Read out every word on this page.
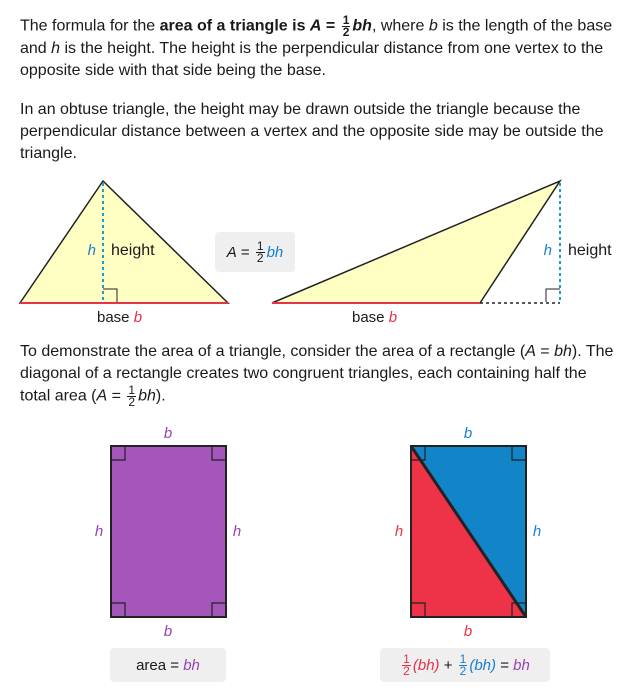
The formula for the area of a triangle is $A = \frac{1}{2}$ bh, where b is the length of the base and h is the height. The height is the perpendicular distance from one vertex to the opposite side with that side being the base.

In an obtuse triangle, the height may be drawn outside the triangle because the perpendicular distance between a vertex and the opposite side may be outside the triangle.

h height
base b
h height
base b
b
b
h	h
b
b
h	h
$A = \frac{1}{2}$ bh

To demonstrate the area of a triangle, consider the area of a rectangle (A = bh). The diagonal of a rectangle creates two congruent triangles, each containing half the total area $(A = \frac{1}{2} bh)$.

area = bh	$\frac{1}{2} (bh) + \frac{1}{2} (bh)$ = bh
